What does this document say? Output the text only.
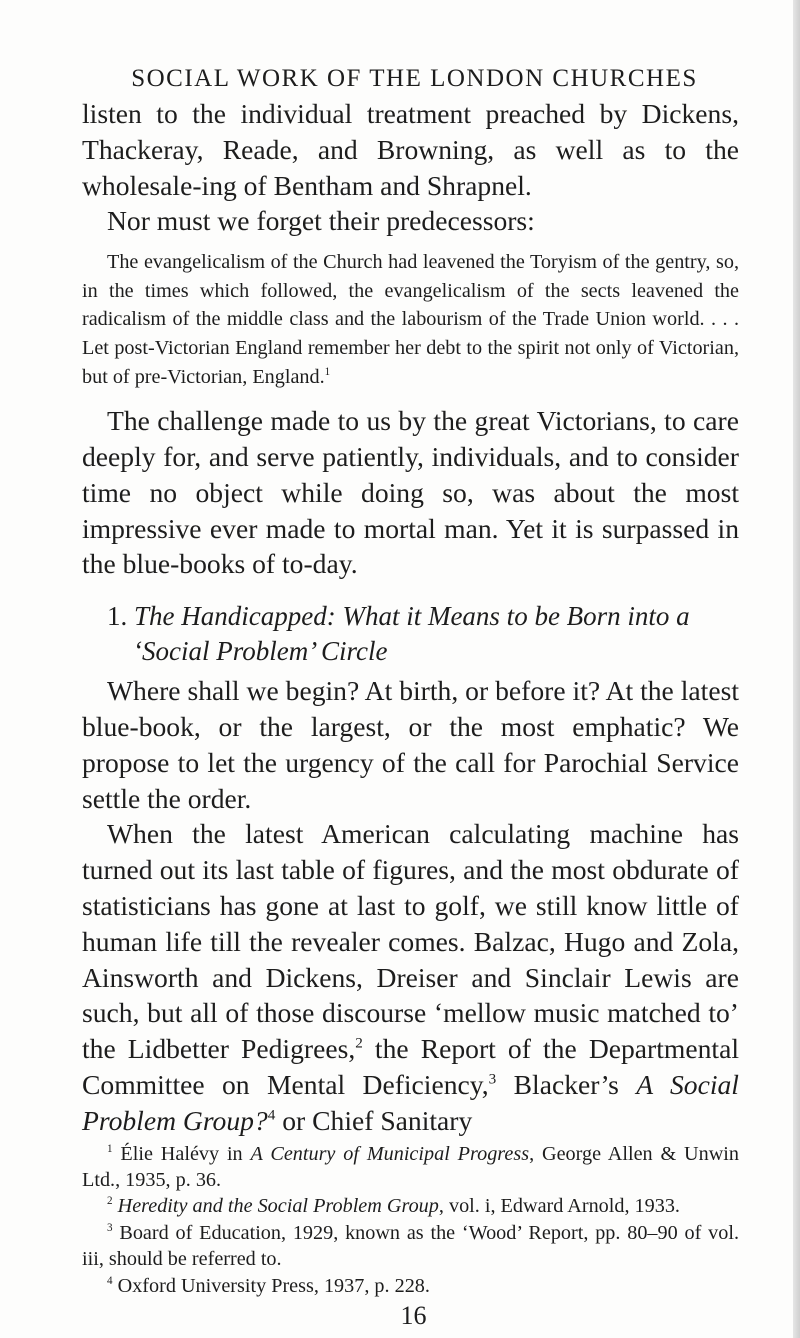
SOCIAL WORK OF THE LONDON CHURCHES

listen to the individual treatment preached by Dickens, Thackeray, Reade, and Browning, as well as to the wholesale-ing of Bentham and Shrapnel.

Nor must we forget their predecessors:

The evangelicalism of the Church had leavened the Toryism of the gentry, so, in the times which followed, the evangelicalism of the sects leavened the radicalism of the middle class and the labourism of the Trade Union world. . . . Let post-Victorian England remember her debt to the spirit not only of Victorian, but of pre-Victorian, England.$^1$

The challenge made to us by the great Victorians, to care deeply for, and serve patiently, individuals, and to consider time no object while doing so, was about the most impressive ever made to mortal man. Yet it is surpassed in the blue-books of to-day.

1. The Handicapped: What it Means to be Born into a
‘Social Problem’ Circle

Where shall we begin? At birth, or before it? At the latest blue-book, or the largest, or the most emphatic? We propose to let the urgency of the call for Parochial Service settle the order.

When the latest American calculating machine has turned out its last table of figures, and the most obdurate of statisticians has gone at last to golf, we still know little of human life till the revealer comes. Balzac, Hugo and Zola, Ainsworth and Dickens, Dreiser and Sinclair Lewis are such, but all of those discourse ‘mellow music matched to’ the Lidbetter Pedigrees,$^2$ the Report of the Departmental Committee on Mental Deficiency,$^3$ Blacker’s A Social Problem Group?$^4$ or Chief Sanitary

$^1$ Élie Halévy in A Century of Municipal Progress, George Allen & Unwin Ltd., 1935, p. 36.

$^2$ Heredity and the Social Problem Group, vol. i, Edward Arnold, 1933.

$^3$ Board of Education, 1929, known as the ‘Wood’ Report, pp. 80–90 of vol. iii, should be referred to.

$^4$ Oxford University Press, 1937, p. 228.

16
